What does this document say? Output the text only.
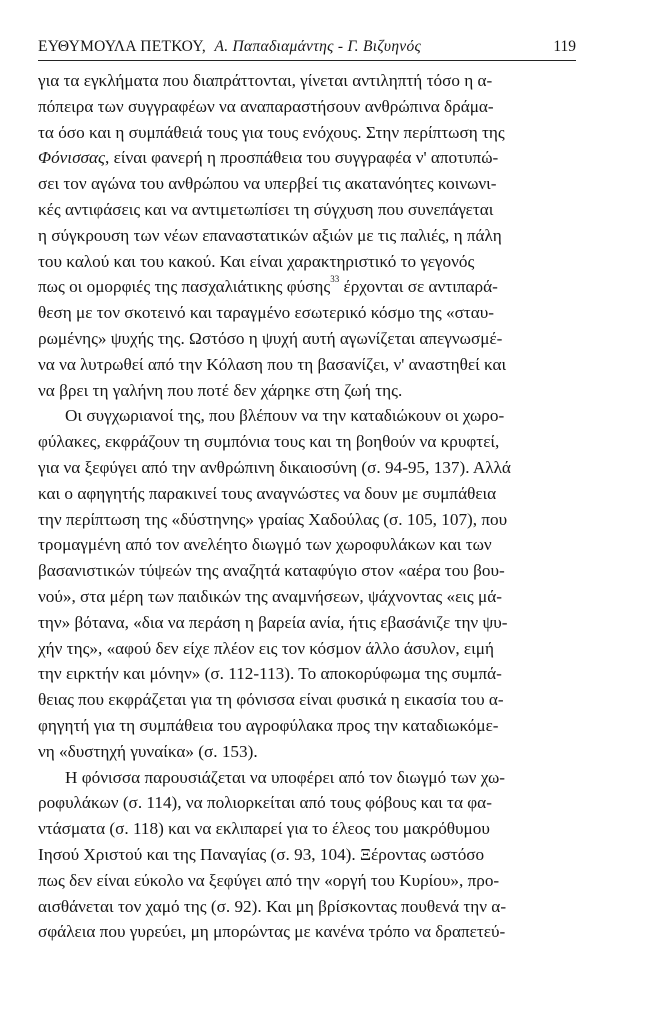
ΕΥΘΥΜΟΥΛΑ ΠΕΤΚΟΥ, Α. Παπαδιαμάντης - Γ. Βιζυηνός	119
για τα εγκλήματα που διαπράττονται, γίνεται αντιληπτή τόσο η α-
πόπειρα των συγγραφέων να αναπαραστήσουν ανθρώπινα δράμα-
τα όσο και η συμπάθειά τους για τους ενόχους. Στην περίπτωση της
Φόνισσας, είναι φανερή η προσπάθεια του συγγραφέα ν' αποτυπώ-
σει τον αγώνα του ανθρώπου να υπερβεί τις ακατανόητες κοινωνι-
κές αντιφάσεις και να αντιμετωπίσει τη σύγχυση που συνεπάγεται
η σύγκρουση των νέων επαναστατικών αξιών με τις παλιές, η πάλη
του καλού και του κακού. Και είναι χαρακτηριστικό το γεγονός
πως οι ομορφιές της πασχαλιάτικης φύσης$^{33}$ έρχονται σε αντιπαρά-
θεση με τον σκοτεινό και ταραγμένο εσωτερικό κόσμο της «σταυ-
ρωμένης» ψυχής της. Ωστόσο η ψυχή αυτή αγωνίζεται απεγνωσμέ-
να να λυτρωθεί από την Κόλαση που τη βασανίζει, ν' αναστηθεί και
να βρει τη γαλήνη που ποτέ δεν χάρηκε στη ζωή της.
Οι συγχωριανοί της, που βλέπουν να την καταδιώκουν οι χωρο-
φύλακες, εκφράζουν τη συμπόνια τους και τη βοηθούν να κρυφτεί,
για να ξεφύγει από την ανθρώπινη δικαιοσύνη (σ. 94-95, 137). Αλλά
και ο αφηγητής παρακινεί τους αναγνώστες να δουν με συμπάθεια
την περίπτωση της «δύστηνης» γραίας Χαδούλας (σ. 105, 107), που
τρομαγμένη από τον ανελέητο διωγμό των χωροφυλάκων και των
βασανιστικών τύψεών της αναζητά καταφύγιο στον «αέρα του βου-
νού», στα μέρη των παιδικών της αναμνήσεων, ψάχνοντας «εις μά-
την» βότανα, «δια να περάση η βαρεία ανία, ήτις εβασάνιζε την ψυ-
χήν της», «αφού δεν είχε πλέον εις τον κόσμον άλλο άσυλον, ειμή
την ειρκτήν και μόνην» (σ. 112-113). Το αποκορύφωμα της συμπά-
θειας που εκφράζεται για τη φόνισσα είναι φυσικά η εικασία του α-
φηγητή για τη συμπάθεια του αγροφύλακα προς την καταδιωκόμε-
νη «δυστηχή γυναίκα» (σ. 153).
Η φόνισσα παρουσιάζεται να υποφέρει από τον διωγμό των χω-
ροφυλάκων (σ. 114), να πολιορκείται από τους φόβους και τα φα-
ντάσματα (σ. 118) και να εκλιπαρεί για το έλεος του μακρόθυμου
Ιησού Χριστού και της Παναγίας (σ. 93, 104). Ξέροντας ωστόσο
πως δεν είναι εύκολο να ξεφύγει από την «οργή του Κυρίου», προ-
αισθάνεται τον χαμό της (σ. 92). Και μη βρίσκοντας πουθενά την α-
σφάλεια που γυρεύει, μη μπορώντας με κανένα τρόπο να δραπετεύ-
